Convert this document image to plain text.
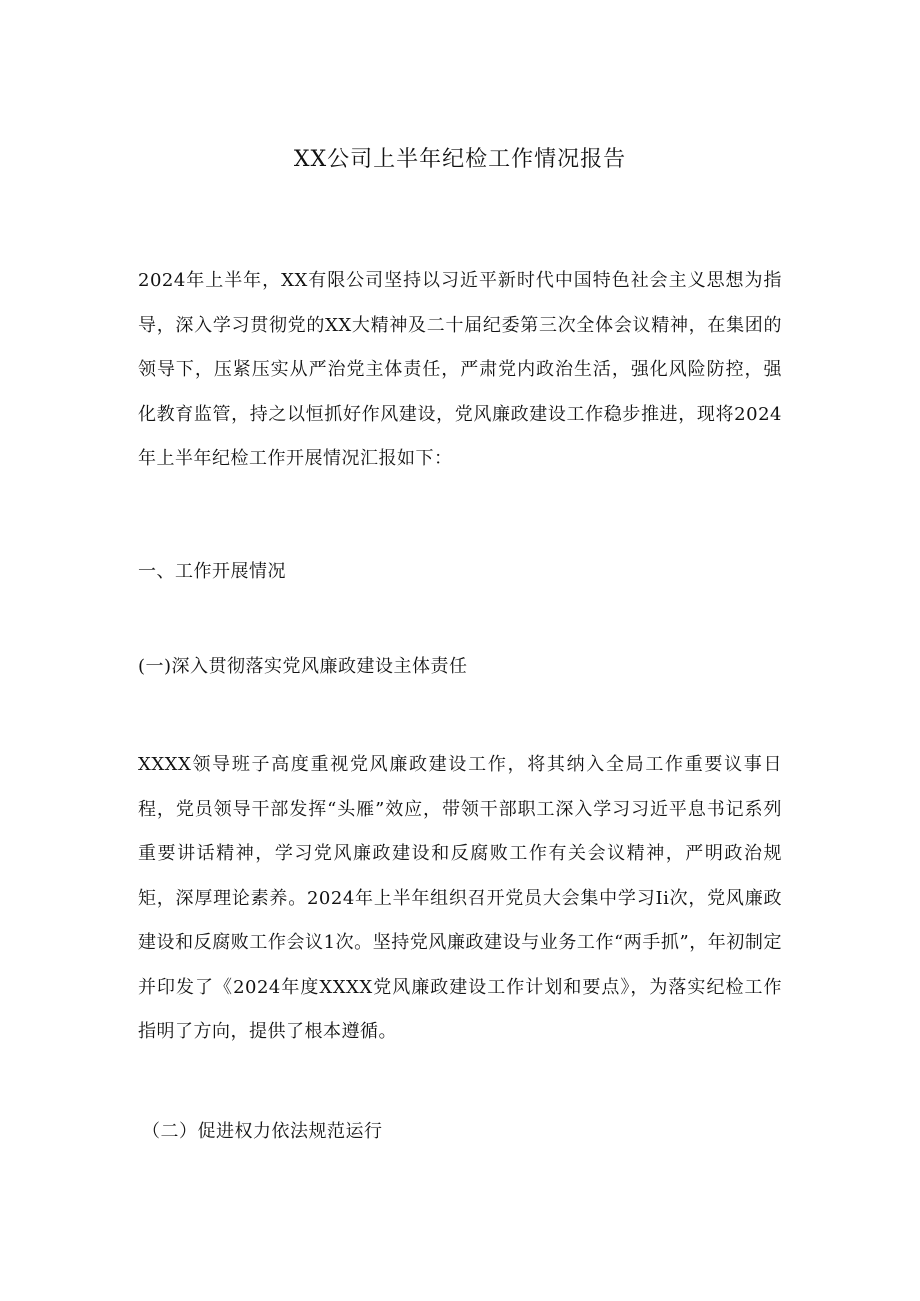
XX公司上半年纪检工作情况报告

2024年上半年，XX有限公司坚持以习近平新时代中国特色社会主义思想为指导，深入学习贯彻党的XX大精神及二十届纪委第三次全体会议精神，在集团的领导下，压紧压实从严治党主体责任，严肃党内政治生活，强化风险防控，强化教育监管，持之以恒抓好作风建设，党风廉政建设工作稳步推进，现将2024年上半年纪检工作开展情况汇报如下：

一、工作开展情况

(一)深入贯彻落实党风廉政建设主体责任

XXXX领导班子高度重视党风廉政建设工作，将其纳入全局工作重要议事日程，党员领导干部发挥“头雁”效应，带领干部职工深入学习习近平息书记系列重要讲话精神，学习党风廉政建设和反腐败工作有关会议精神，严明政治规矩，深厚理论素养。2024年上半年组织召开党员大会集中学习Ii次，党风廉政建设和反腐败工作会议1次。坚持党风廉政建设与业务工作“两手抓”，年初制定并印发了《2024年度XXXX党风廉政建设工作计划和要点》，为落实纪检工作指明了方向，提供了根本遵循。

（二）促进权力依法规范运行
